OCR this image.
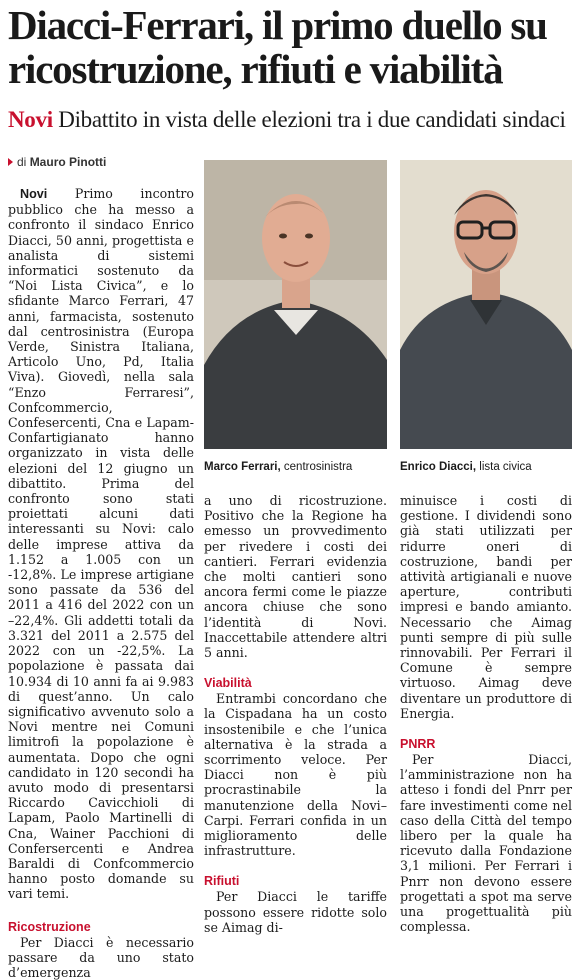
Diacci-Ferrari, il primo duello su ricostruzione, rifiuti e viabilità
Novi Dibattito in vista delle elezioni tra i due candidati sindaci
di Mauro Pinotti

Novi Primo incontro pubblico che ha messo a confronto il sindaco Enrico Diacci, 50 anni, progettista e analista di sistemi informatici sostenuto da “Noi Lista Civica”, e lo sfidante Marco Ferrari, 47 anni, farmacista, sostenuto dal centrosinistra (Europa Verde, Sinistra Italiana, Articolo Uno, Pd, Italia Viva). Giovedì, nella sala “Enzo Ferraresi”, Confcommercio, Confesercenti, Cna e Lapam-Confartigianato hanno organizzato in vista delle elezioni del 12 giugno un dibattito. Prima del confronto sono stati proiettati alcuni dati interessanti su Novi: calo delle imprese attiva da 1.152 a 1.005 con un -12,8%. Le imprese artigiane sono passate da 536 del 2011 a 416 del 2022 con un –22,4%. Gli addetti totali da 3.321 del 2011 a 2.575 del 2022 con un -22,5%. La popolazione è passata dai 10.934 di 10 anni fa ai 9.983 di quest’anno. Un calo significativo avvenuto solo a Novi mentre nei Comuni limitrofi la popolazione è aumentata. Dopo che ogni candidato in 120 secondi ha avuto modo di presentarsi Riccardo Cavicchioli di Lapam, Paolo Martinelli di Cna, Wainer Pacchioni di Confersercenti e Andrea Baraldi di Confcommercio hanno posto domande su vari temi.

Ricostruzione

Per Diacci è necessario passare da uno stato d’emergenza

Marco Ferrari, centrosinistra	Enrico Diacci, lista civica

a uno di ricostruzione. Positivo che la Regione ha emesso un provvedimento per rivedere i costi dei cantieri. Ferrari evidenzia che molti cantieri sono ancora fermi come le piazze ancora chiuse che sono l’identità di Novi. Inaccettabile attendere altri 5 anni.

Viabilità

Entrambi concordano che la Cispadana ha un costo insostenibile e che l’unica alternativa è la strada a scorrimento veloce. Per Diacci non è più procrastinabile la manutenzione della Novi–Carpi. Ferrari confida in un miglioramento delle infrastrutture.

Rifiuti

Per Diacci le tariffe possono essere ridotte solo se Aimag di-

minuisce i costi di gestione. I dividendi sono già stati utilizzati per ridurre oneri di costruzione, bandi per attività artigianali e nuove aperture, contributi impresi e bando amianto. Necessario che Aimag punti sempre di più sulle rinnovabili. Per Ferrari il Comune è sempre virtuoso. Aimag deve diventare un produttore di Energia.

PNRR

Per Diacci, l’amministrazione non ha atteso i fondi del Pnrr per fare investimenti come nel caso della Città del tempo libero per la quale ha ricevuto dalla Fondazione 3,1 milioni. Per Ferrari i Pnrr non devono essere progettati a spot ma serve una progettualità più complessa.
